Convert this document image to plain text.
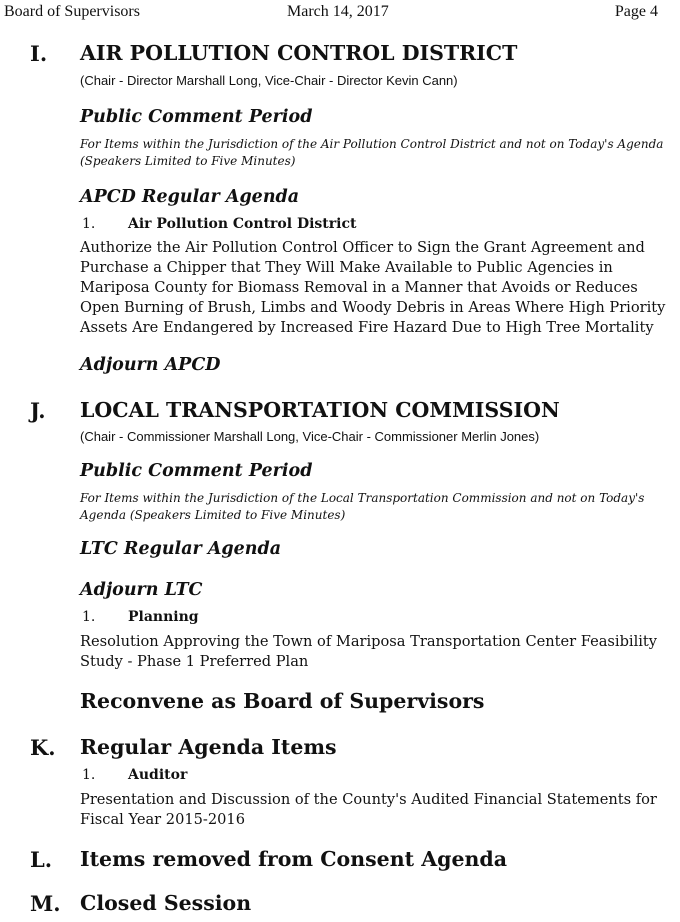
Board of Supervisors	March 14, 2017	Page 4
I. AIR POLLUTION CONTROL DISTRICT
(Chair - Director Marshall Long, Vice-Chair - Director Kevin Cann)
Public Comment Period
For Items within the Jurisdiction of the Air Pollution Control District and not on Today's Agenda (Speakers Limited to Five Minutes)
APCD Regular Agenda
1. Air Pollution Control District
Authorize the Air Pollution Control Officer to Sign the Grant Agreement and Purchase a Chipper that They Will Make Available to Public Agencies in Mariposa County for Biomass Removal in a Manner that Avoids or Reduces Open Burning of Brush, Limbs and Woody Debris in Areas Where High Priority Assets Are Endangered by Increased Fire Hazard Due to High Tree Mortality
Adjourn APCD
J. LOCAL TRANSPORTATION COMMISSION
(Chair - Commissioner Marshall Long, Vice-Chair - Commissioner Merlin Jones)
Public Comment Period
For Items within the Jurisdiction of the Local Transportation Commission and not on Today's Agenda (Speakers Limited to Five Minutes)
LTC Regular Agenda
Adjourn LTC
1. Planning
Resolution Approving the Town of Mariposa Transportation Center Feasibility Study - Phase 1 Preferred Plan
Reconvene as Board of Supervisors
K. Regular Agenda Items
1. Auditor
Presentation and Discussion of the County's Audited Financial Statements for Fiscal Year 2015-2016
L. Items removed from Consent Agenda
M. Closed Session
